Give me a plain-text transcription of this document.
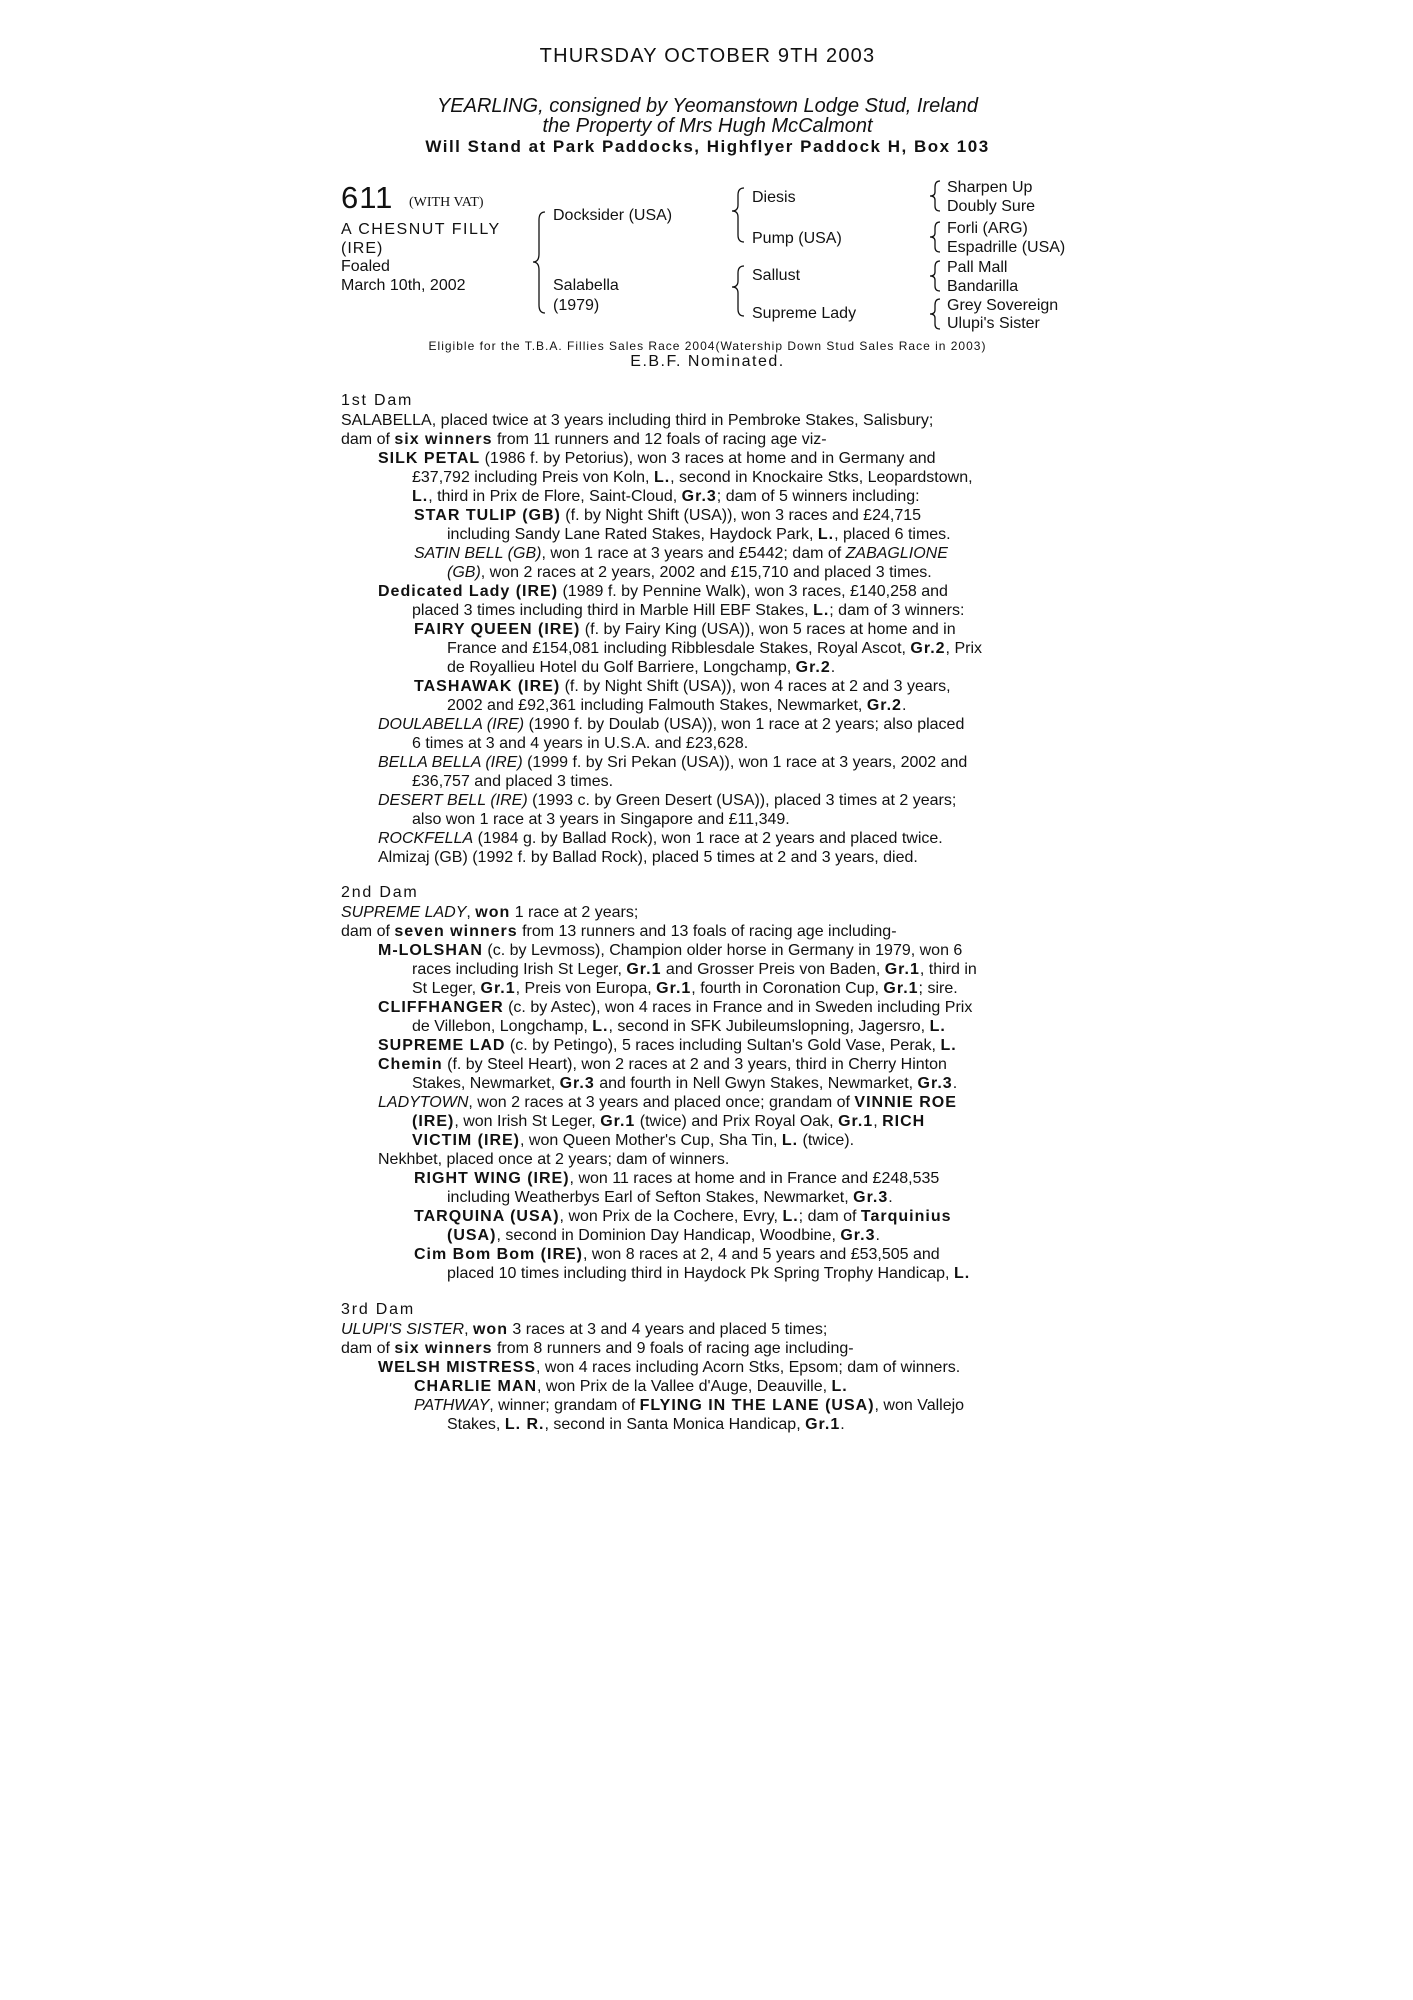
THURSDAY OCTOBER 9TH 2003
YEARLING, consigned by Yeomanstown Lodge Stud, Ireland
the Property of Mrs Hugh McCalmont
Will Stand at Park Paddocks, Highflyer Paddock H, Box 103
611 (WITH VAT)
A CHESNUT FILLY
(IRE)
Foaled
March 10th, 2002
Docksider (USA)
Salabella
(1979)
Diesis
Pump (USA)
Sallust
Supreme Lady
Sharpen Up
Doubly Sure
Forli (ARG)
Espadrille (USA)
Pall Mall
Bandarilla
Grey Sovereign
Ulupi's Sister
Eligible for the T.B.A. Fillies Sales Race 2004(Watership Down Stud Sales Race in 2003)
E.B.F. Nominated.
1st Dam
SALABELLA, placed twice at 3 years including third in Pembroke Stakes, Salisbury;
dam of six winners from 11 runners and 12 foals of racing age viz-
SILK PETAL (1986 f. by Petorius), won 3 races at home and in Germany and
£37,792 including Preis von Koln, L., second in Knockaire Stks, Leopardstown,
L., third in Prix de Flore, Saint-Cloud, Gr.3; dam of 5 winners including:
STAR TULIP (GB) (f. by Night Shift (USA)), won 3 races and £24,715
including Sandy Lane Rated Stakes, Haydock Park, L., placed 6 times.
SATIN BELL (GB), won 1 race at 3 years and £5442; dam of ZABAGLIONE
(GB), won 2 races at 2 years, 2002 and £15,710 and placed 3 times.
Dedicated Lady (IRE) (1989 f. by Pennine Walk), won 3 races, £140,258 and
placed 3 times including third in Marble Hill EBF Stakes, L.; dam of 3 winners:
FAIRY QUEEN (IRE) (f. by Fairy King (USA)), won 5 races at home and in
France and £154,081 including Ribblesdale Stakes, Royal Ascot, Gr.2, Prix
de Royallieu Hotel du Golf Barriere, Longchamp, Gr.2.
TASHAWAK (IRE) (f. by Night Shift (USA)), won 4 races at 2 and 3 years,
2002 and £92,361 including Falmouth Stakes, Newmarket, Gr.2.
DOULABELLA (IRE) (1990 f. by Doulab (USA)), won 1 race at 2 years; also placed
6 times at 3 and 4 years in U.S.A. and £23,628.
BELLA BELLA (IRE) (1999 f. by Sri Pekan (USA)), won 1 race at 3 years, 2002 and
£36,757 and placed 3 times.
DESERT BELL (IRE) (1993 c. by Green Desert (USA)), placed 3 times at 2 years;
also won 1 race at 3 years in Singapore and £11,349.
ROCKFELLA (1984 g. by Ballad Rock), won 1 race at 2 years and placed twice.
Almizaj (GB) (1992 f. by Ballad Rock), placed 5 times at 2 and 3 years, died.
2nd Dam
SUPREME LADY, won 1 race at 2 years;
dam of seven winners from 13 runners and 13 foals of racing age including-
M-LOLSHAN (c. by Levmoss), Champion older horse in Germany in 1979, won 6
races including Irish St Leger, Gr.1 and Grosser Preis von Baden, Gr.1, third in
St Leger, Gr.1, Preis von Europa, Gr.1, fourth in Coronation Cup, Gr.1; sire.
CLIFFHANGER (c. by Astec), won 4 races in France and in Sweden including Prix
de Villebon, Longchamp, L., second in SFK Jubileumslopning, Jagersro, L.
SUPREME LAD (c. by Petingo), 5 races including Sultan's Gold Vase, Perak, L.
Chemin (f. by Steel Heart), won 2 races at 2 and 3 years, third in Cherry Hinton
Stakes, Newmarket, Gr.3 and fourth in Nell Gwyn Stakes, Newmarket, Gr.3.
LADYTOWN, won 2 races at 3 years and placed once; grandam of VINNIE ROE
(IRE), won Irish St Leger, Gr.1 (twice) and Prix Royal Oak, Gr.1, RICH
VICTIM (IRE), won Queen Mother's Cup, Sha Tin, L. (twice).
Nekhbet, placed once at 2 years; dam of winners.
RIGHT WING (IRE), won 11 races at home and in France and £248,535
including Weatherbys Earl of Sefton Stakes, Newmarket, Gr.3.
TARQUINA (USA), won Prix de la Cochere, Evry, L.; dam of Tarquinius
(USA), second in Dominion Day Handicap, Woodbine, Gr.3.
Cim Bom Bom (IRE), won 8 races at 2, 4 and 5 years and £53,505 and
placed 10 times including third in Haydock Pk Spring Trophy Handicap, L.
3rd Dam
ULUPI'S SISTER, won 3 races at 3 and 4 years and placed 5 times;
dam of six winners from 8 runners and 9 foals of racing age including-
WELSH MISTRESS, won 4 races including Acorn Stks, Epsom; dam of winners.
CHARLIE MAN, won Prix de la Vallee d'Auge, Deauville, L.
PATHWAY, winner; grandam of FLYING IN THE LANE (USA), won Vallejo
Stakes, L. R., second in Santa Monica Handicap, Gr.1.
